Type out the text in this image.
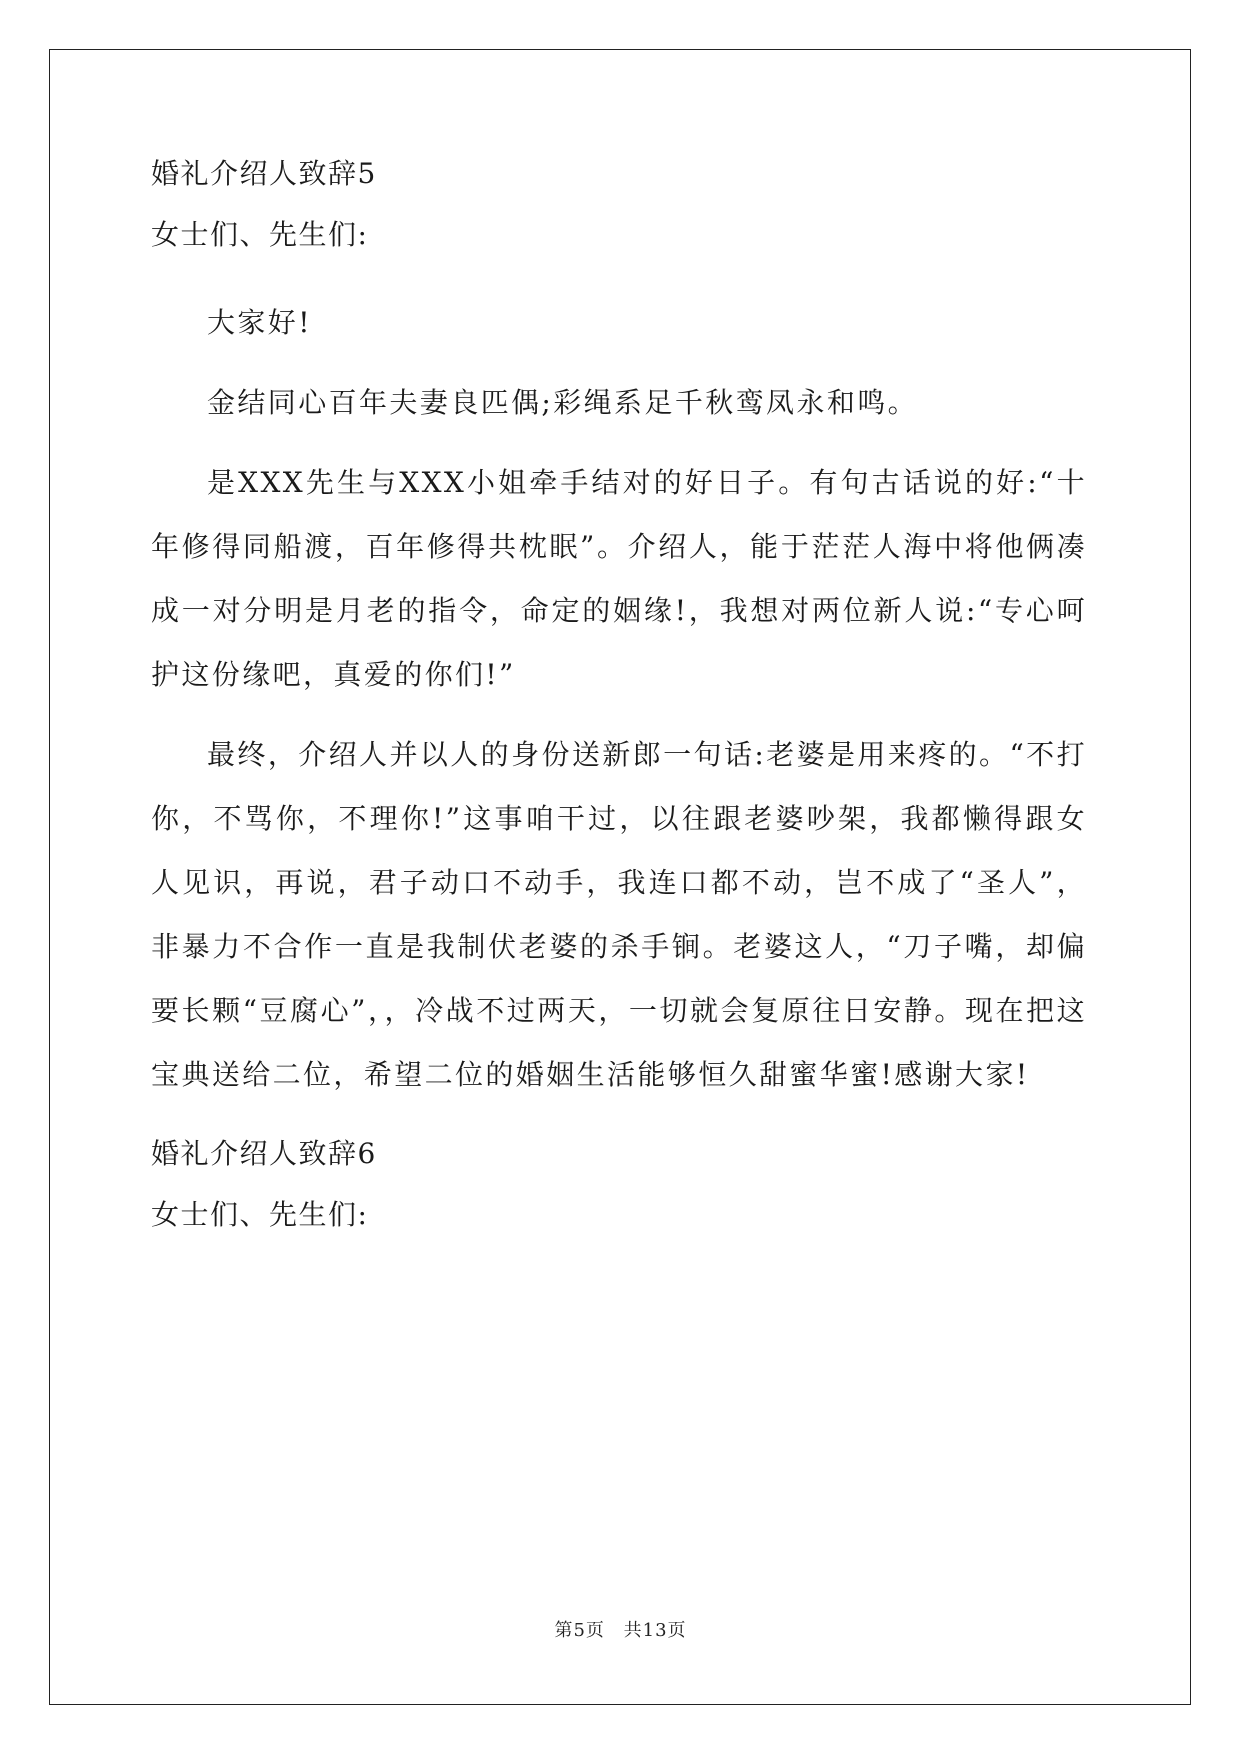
婚礼介绍人致辞5

女士们、先生们:

大家好!

金结同心百年夫妻良匹偶;彩绳系足千秋鸾凤永和鸣。

是XXX先生与XXX小姐牵手结对的好日子。有句古话说的好:“十年修得同船渡，百年修得共枕眠”。介绍人，能于茫茫人海中将他俩凑成一对分明是月老的指令，命定的姻缘!，我想对两位新人说:“专心呵护这份缘吧，真爱的你们!”

最终，介绍人并以人的身份送新郎一句话:老婆是用来疼的。“不打你，不骂你，不理你!”这事咱干过，以往跟老婆吵架，我都懒得跟女人见识，再说，君子动口不动手，我连口都不动，岂不成了“圣人”，非暴力不合作一直是我制伏老婆的杀手锏。老婆这人，“刀子嘴，却偏要长颗“豆腐心”，，冷战不过两天，一切就会复原往日安静。现在把这宝典送给二位，希望二位的婚姻生活能够恒久甜蜜华蜜!感谢大家!

婚礼介绍人致辞6

女士们、先生们:

第5页 共13页
